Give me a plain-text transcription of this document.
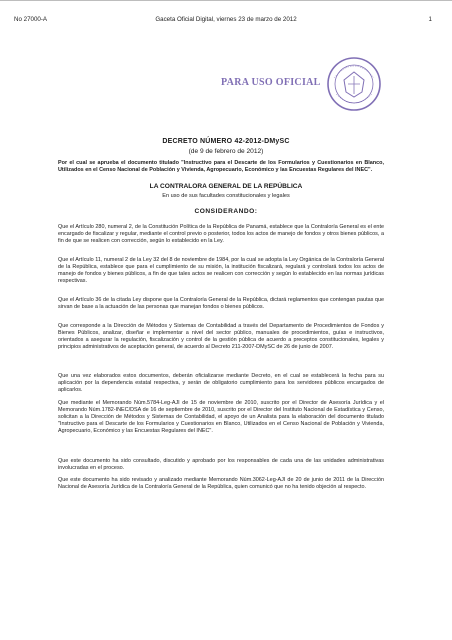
No 27000-A	Gaceta Oficial Digital, viernes 23 de marzo de 2012	1
PARA USO OFICIAL
DECRETO NÚMERO 42-2012-DMySC
(de 9 de febrero de 2012)
Por el cual se aprueba el documento titulado "Instructivo para el Descarte de los Formularios y Cuestionarios en Blanco, Utilizados en el Censo Nacional de Población y Vivienda, Agropecuario, Económico y las Encuestas Regulares del INEC".
LA CONTRALORA GENERAL DE LA REPÚBLICA
En uso de sus facultades constitucionales y legales
CONSIDERANDO:
Que el Artículo 280, numeral 2, de la Constitución Política de la República de Panamá, establece que la Contraloría General es el ente encargado de fiscalizar y regular, mediante el control previo o posterior, todos los actos de manejo de fondos y otros bienes públicos, a fin de que se realicen con corrección, según lo establecido en la Ley.
Que el Artículo 11, numeral 2 de la Ley 32 del 8 de noviembre de 1984, por la cual se adopta la Ley Orgánica de la Contraloría General de la República, establece que para el cumplimiento de su misión, la institución fiscalizará, regulará y controlará todos los actos de manejo de fondos y bienes públicos, a fin de que tales actos se realicen con corrección y según lo establecido en las normas jurídicas respectivas.
Que el Artículo 36 de la citada Ley dispone que la Contraloría General de la República, dictará reglamentos que contengan pautas que sirvan de base a la actuación de las personas que manejan fondos o bienes públicos.
Que corresponde a la Dirección de Métodos y Sistemas de Contabilidad a través del Departamento de Procedimientos de Fondos y Bienes Públicos, analizar, diseñar e implementar a nivel del sector público, manuales de procedimientos, guías e instructivos, orientados a asegurar la regulación, fiscalización y control de la gestión pública de acuerdo a preceptos constitucionales, legales y principios administrativos de aceptación general, de acuerdo al Decreto 211-2007-DMySC de 26 de junio de 2007.
Que una vez elaborados estos documentos, deberán oficializarse mediante Decreto, en el cual se establecerá la fecha para su aplicación por la dependencia estatal respectiva, y serán de obligatorio cumplimiento para los servidores públicos encargados de aplicarlos.
Que mediante el Memorando Núm.5784-Leg-AJI de 15 de noviembre de 2010, suscrito por el Director de Asesoría Jurídica y el Memorando Núm.1782-INEC/DSA de 16 de septiembre de 2010, suscrito por el Director del Instituto Nacional de Estadística y Censo, solicitan a la Dirección de Métodos y Sistemas de Contabilidad, el apoyo de un Analista para la elaboración del documento titulado "Instructivo para el Descarte de los Formularios y Cuestionarios en Blanco, Utilizados en el Censo Nacional de Población y Vivienda, Agropecuario, Económico y las Encuestas Regulares del INEC".
Que este documento ha sido consultado, discutido y aprobado por los responsables de cada una de las unidades administrativas involucradas en el proceso.
Que este documento ha sido revisado y analizado mediante Memorando Núm.3062-Leg-AJI de 20 de junio de 2011 de la Dirección Nacional de Asesoría Jurídica de la Contraloría General de la República, quien comunicó que no ha tenido objeción al respecto.
